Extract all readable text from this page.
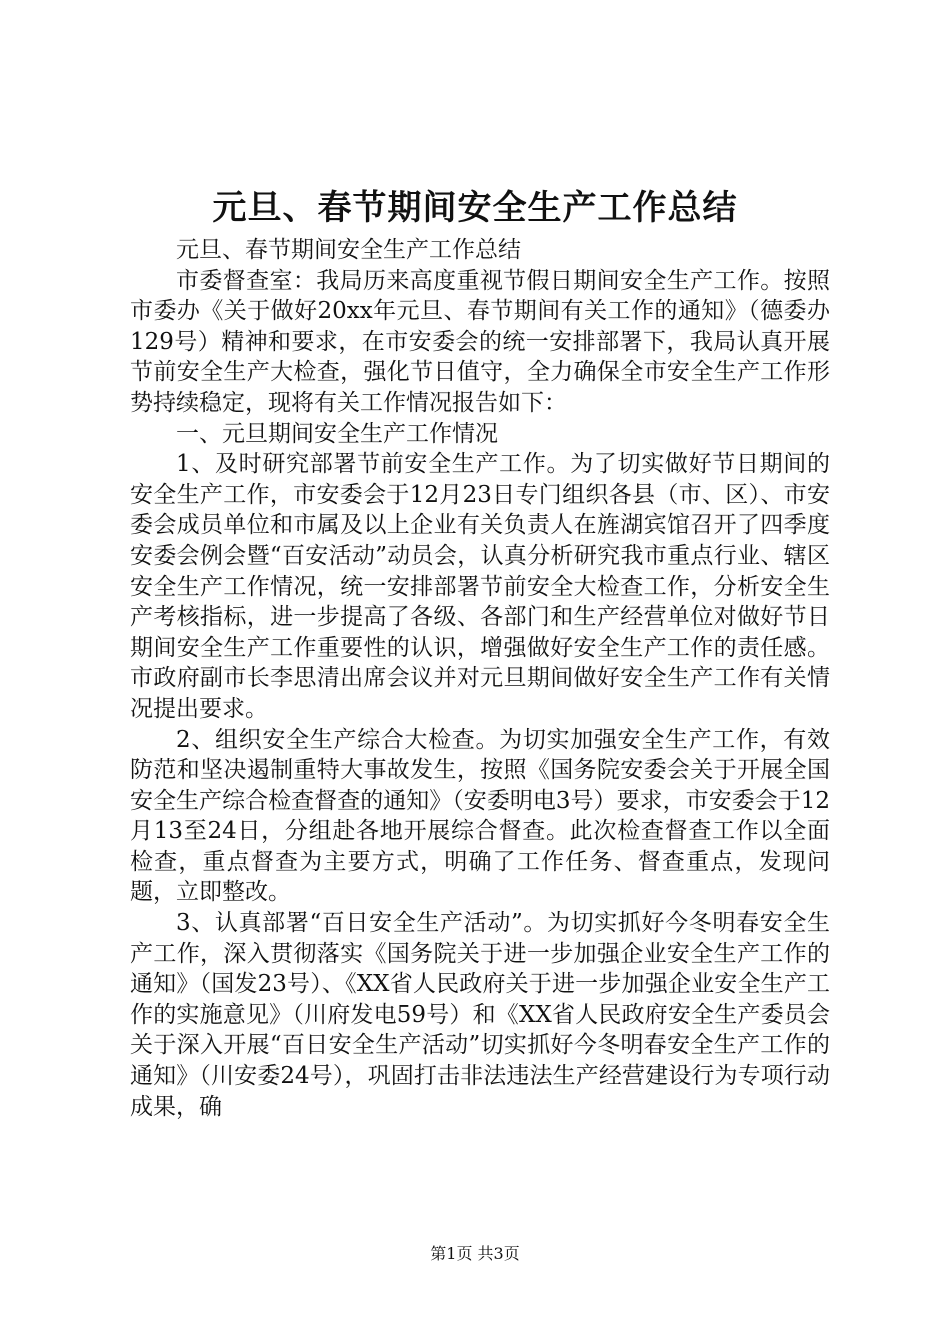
元旦、春节期间安全生产工作总结

元旦、春节期间安全生产工作总结

市委督查室：我局历来高度重视节假日期间安全生产工作。按照市委办《关于做好20xx年元旦、春节期间有关工作的通知》（德委办129号）精神和要求，在市安委会的统一安排部署下，我局认真开展节前安全生产大检查，强化节日值守，全力确保全市安全生产工作形势持续稳定，现将有关工作情况报告如下：

一、元旦期间安全生产工作情况

1、及时研究部署节前安全生产工作。为了切实做好节日期间的安全生产工作，市安委会于12月23日专门组织各县（市、区）、市安委会成员单位和市属及以上企业有关负责人在旌湖宾馆召开了四季度安委会例会暨“百安活动”动员会，认真分析研究我市重点行业、辖区安全生产工作情况，统一安排部署节前安全大检查工作，分析安全生产考核指标，进一步提高了各级、各部门和生产经营单位对做好节日期间安全生产工作重要性的认识，增强做好安全生产工作的责任感。市政府副市长李思清出席会议并对元旦期间做好安全生产工作有关情况提出要求。

2、组织安全生产综合大检查。为切实加强安全生产工作，有效防范和坚决遏制重特大事故发生，按照《国务院安委会关于开展全国安全生产综合检查督查的通知》（安委明电3号）要求，市安委会于12月13至24日，分组赴各地开展综合督查。此次检查督查工作以全面检查，重点督查为主要方式，明确了工作任务、督查重点，发现问题，立即整改。

3、认真部署“百日安全生产活动”。为切实抓好今冬明春安全生产工作，深入贯彻落实《国务院关于进一步加强企业安全生产工作的通知》（国发23号）、《XX省人民政府关于进一步加强企业安全生产工作的实施意见》（川府发电59号）和《XX省人民政府安全生产委员会关于深入开展“百日安全生产活动”切实抓好今冬明春安全生产工作的通知》（川安委24号），巩固打击非法违法生产经营建设行为专项行动成果，确

第1页 共3页
